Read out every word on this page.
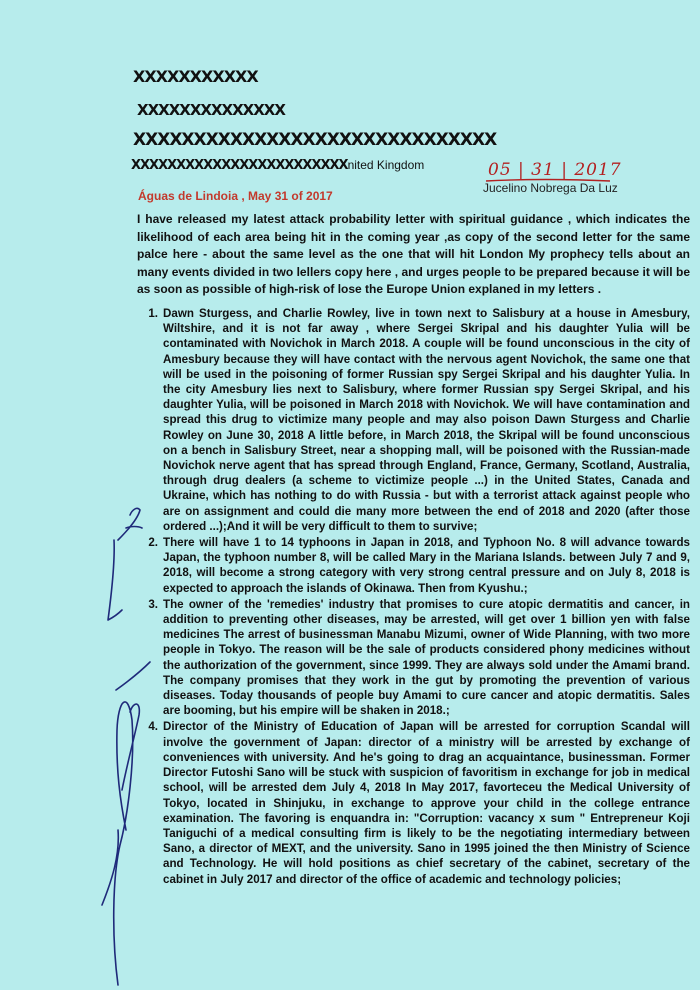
XXXXXXXXXXX
XXXXXXXXXXXXXX
XXXXXXXXXXXXXXXXXXXXXXXXXXXXXX
XXXXXXXXXXXXXXXXXXXXXXXXnited Kingdom	05 | 31 | 2017
Jucelino Nobrega Da Luz
Águas de Lindoia , May 31 of 2017
I have released my latest attack probability letter with spiritual guidance , which indicates the likelihood of each area being hit in the coming year ,as copy of the second letter for the same palce here - about the same level as the one that will hit London My prophecy tells about an many events divided in two lellers copy here , and urges people to be prepared because it will be as soon as possible of high-risk of lose the Europe Union explaned in my letters .
1. Dawn Sturgess, and Charlie Rowley, live in town next to Salisbury at a house in Amesbury, Wiltshire, and it is not far away , where Sergei Skripal and his daughter Yulia will be contaminated with Novichok in March 2018. A couple will be found unconscious in the city of Amesbury because they will have contact with the nervous agent Novichok, the same one that will be used in the poisoning of former Russian spy Sergei Skripal and his daughter Yulia. In the city Amesbury lies next to Salisbury, where former Russian spy Sergei Skripal, and his daughter Yulia, will be poisoned in March 2018 with Novichok. We will have contamination and spread this drug to victimize many people and may also poison Dawn Sturgess and Charlie Rowley on June 30, 2018 A little before, in March 2018, the Skripal will be found unconscious on a bench in Salisbury Street, near a shopping mall, will be poisoned with the Russian-made Novichok nerve agent that has spread through England, France, Germany, Scotland, Australia, through drug dealers (a scheme to victimize people ...) in the United States, Canada and Ukraine, which has nothing to do with Russia - but with a terrorist attack against people who are on assignment and could die many more between the end of 2018 and 2020 (after those ordered ...);And it will be very difficult to them to survive;
2. There will have 1 to 14 typhoons in Japan in 2018, and Typhoon No. 8 will advance towards Japan, the typhoon number 8, will be called Mary in the Mariana Islands. between July 7 and 9, 2018, will become a strong category with very strong central pressure and on July 8, 2018 is expected to approach the islands of Okinawa. Then from Kyushu.;
3. The owner of the 'remedies' industry that promises to cure atopic dermatitis and cancer, in addition to preventing other diseases, may be arrested, will get over 1 billion yen with false medicines The arrest of businessman Manabu Mizumi, owner of Wide Planning, with two more people in Tokyo. The reason will be the sale of products considered phony medicines without the authorization of the government, since 1999. They are always sold under the Amami brand. The company promises that they work in the gut by promoting the prevention of various diseases. Today thousands of people buy Amami to cure cancer and atopic dermatitis. Sales are booming, but his empire will be shaken in 2018.;
4. Director of the Ministry of Education of Japan will be arrested for corruption Scandal will involve the government of Japan: director of a ministry will be arrested by exchange of conveniences with university. And he's going to drag an acquaintance, businessman. Former Director Futoshi Sano will be stuck with suspicion of favoritism in exchange for job in medical school, will be arrested dem July 4, 2018 In May 2017, favorteceu the Medical University of Tokyo, located in Shinjuku, in exchange to approve your child in the college entrance examination. The favoring is enquandra in: "Corruption: vacancy x sum " Entrepreneur Koji Taniguchi of a medical consulting firm is likely to be the negotiating intermediary between Sano, a director of MEXT, and the university. Sano in 1995 joined the then Ministry of Science and Technology. He will hold positions as chief secretary of the cabinet, secretary of the cabinet in July 2017 and director of the office of academic and technology policies;
